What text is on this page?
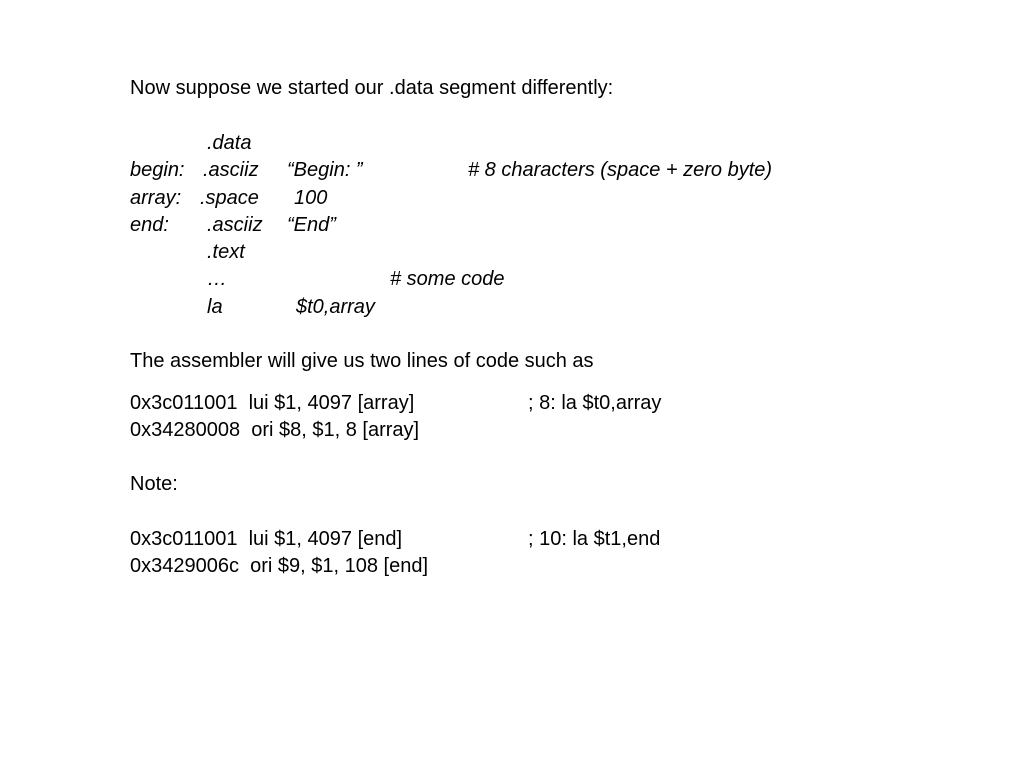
Now suppose we started our .data segment differently:
.data
begin: .asciiz “Begin: ”	# 8 characters (space + zero byte)
array: .space 100
end: .asciiz “End”
.text
…	# some code
la	$t0,array
The assembler will give us two lines of code such as
0x3c011001  lui $1, 4097 [array]	; 8: la $t0,array
0x34280008  ori $8, $1, 8 [array]
Note:
0x3c011001  lui $1, 4097 [end]	; 10: la $t1,end
0x3429006c  ori $9, $1, 108 [end]
